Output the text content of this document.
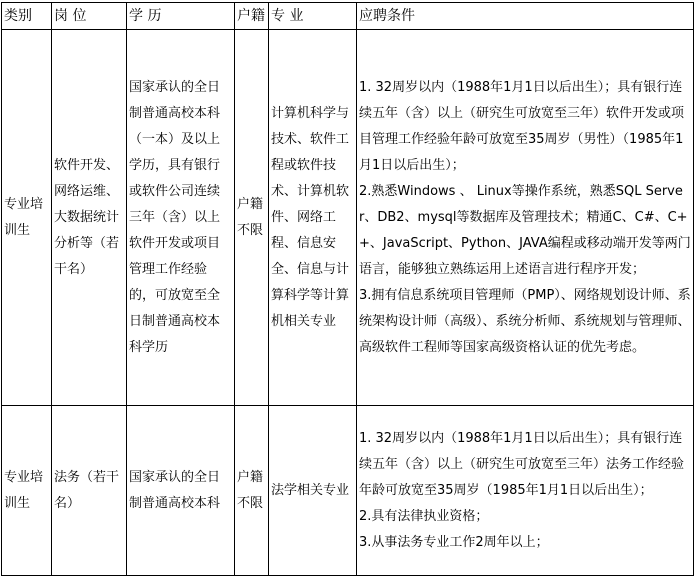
类别	岗 位	学 历	户籍	专 业	应聘条件
专业培训生	软件开发、网络运维、大数据统计分析等（若干名）	国家承认的全日制普通高校本科（一本）及以上学历，具有银行或软件公司连续三年（含）以上软件开发或项目管理工作经验的，可放宽至全日制普通高校本科学历	户籍不限	计算机科学与技术、软件工程或软件技术、计算机软件、网络工程、信息安全、信息与计算科学等计算机相关专业	1. 32周岁以内（1988年1月1日以后出生）；具有银行连续五年（含）以上（研究生可放宽至三年）软件开发或项目管理工作经验年龄可放宽至35周岁（男性）（1985年1月1日以后出生）；
2.熟悉Windows 、 Linux等操作系统，熟悉SQL Server、DB2、mysql等数据库及管理技术；精通C、C#、C++、JavaScript、Python、JAVA编程或移动端开发等两门语言，能够独立熟练运用上述语言进行程序开发；
3.拥有信息系统项目管理师（PMP）、网络规划设计师、系统架构设计师（高级）、系统分析师、系统规划与管理师、高级软件工程师等国家高级资格认证的优先考虑。

专业培训生	法务（若干名）	国家承认的全日制普通高校本科	户籍不限	法学相关专业	1. 32周岁以内（1988年1月1日以后出生）；具有银行连续五年（含）以上（研究生可放宽至三年）法务工作经验年龄可放宽至35周岁（1985年1月1日以后出生）；
2.具有法律执业资格；
3.从事法务专业工作2周年以上；
